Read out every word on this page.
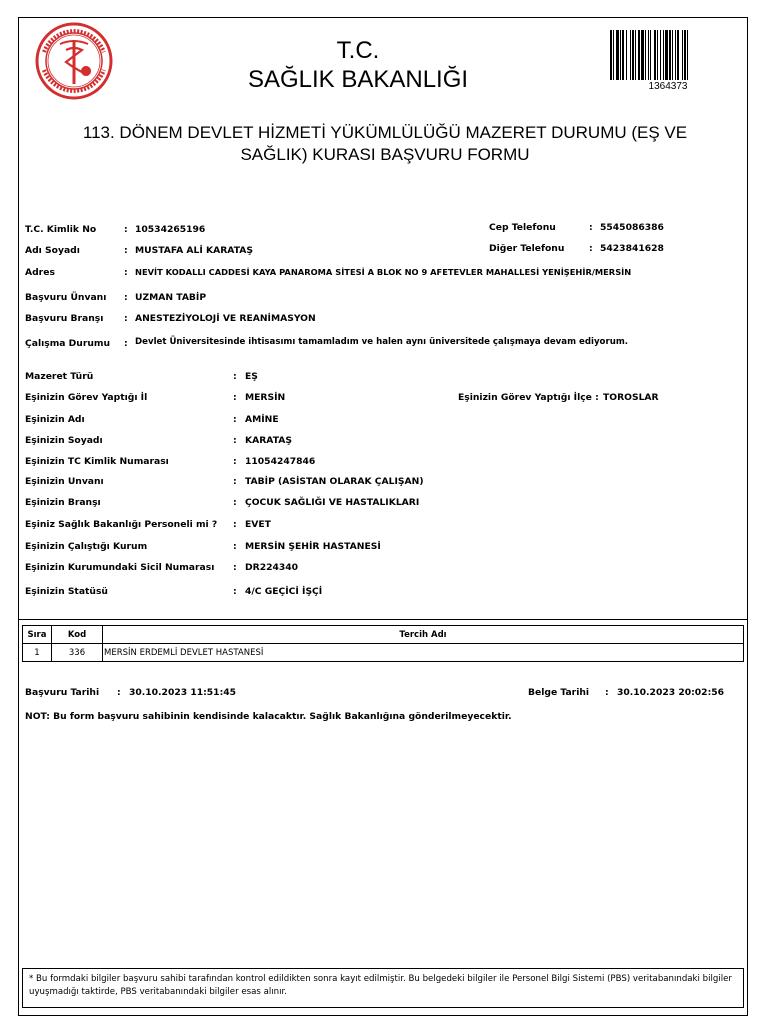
T.C.
SAĞLIK BAKANLIĞI	1364373
113. DÖNEM DEVLET HİZMETİ YÜKÜMLÜLÜĞÜ MAZERET DURUMU (EŞ VE
SAĞLIK) KURASI BAŞVURU FORMU
T.C. Kimlik No	: 10534265196	Cep Telefonu	: 5545086386
Adı Soyadı	: MUSTAFA ALİ KARATAŞ	Diğer Telefonu	: 5423841628
Adres	: NEVİT KODALLI CADDESİ KAYA PANAROMA SİTESİ A BLOK NO 9 AFETEVLER MAHALLESİ YENİŞEHİR/MERSİN
Başvuru Ünvanı : UZMAN TABİP
Başvuru Branşı : ANESTEZİYOLOJİ VE REANİMASYON
Çalışma Durumu : Devlet Üniversitesinde ihtisasımı tamamladım ve halen aynı üniversitede çalışmaya devam ediyorum.
Mazeret Türü	: EŞ
Eşinizin Görev Yaptığı İl	: MERSİN	Eşinizin Görev Yaptığı İlçe : TOROSLAR
Eşinizin Adı	: AMİNE
Eşinizin Soyadı	: KARATAŞ
Eşinizin TC Kimlik Numarası	: 11054247846
Eşinizin Unvanı	: TABİP (ASİSTAN OLARAK ÇALIŞAN)
Eşinizin Branşı	: ÇOCUK SAĞLIĞI VE HASTALIKLARI
Eşiniz Sağlık Bakanlığı Personeli mi ? : EVET
Eşinizin Çalıştığı Kurum	: MERSİN ŞEHİR HASTANESİ
Eşinizin Kurumundaki Sicil Numarası : DR224340
Eşinizin Statüsü	: 4/C GEÇİCİ İŞÇİ
Sıra	Kod	Tercih Adı
1	336	MERSİN ERDEMLİ DEVLET HASTANESİ
Başvuru Tarihi : 30.10.2023 11:51:45	Belge Tarihi : 30.10.2023 20:02:56
NOT: Bu form başvuru sahibinin kendisinde kalacaktır. Sağlık Bakanlığına gönderilmeyecektir.
* Bu formdaki bilgiler başvuru sahibi tarafından kontrol edildikten sonra kayıt edilmiştir. Bu belgedeki bilgiler ile Personel Bilgi Sistemi (PBS) veritabanındaki bilgiler uyuşmadığı taktirde, PBS veritabanındaki bilgiler esas alınır.
